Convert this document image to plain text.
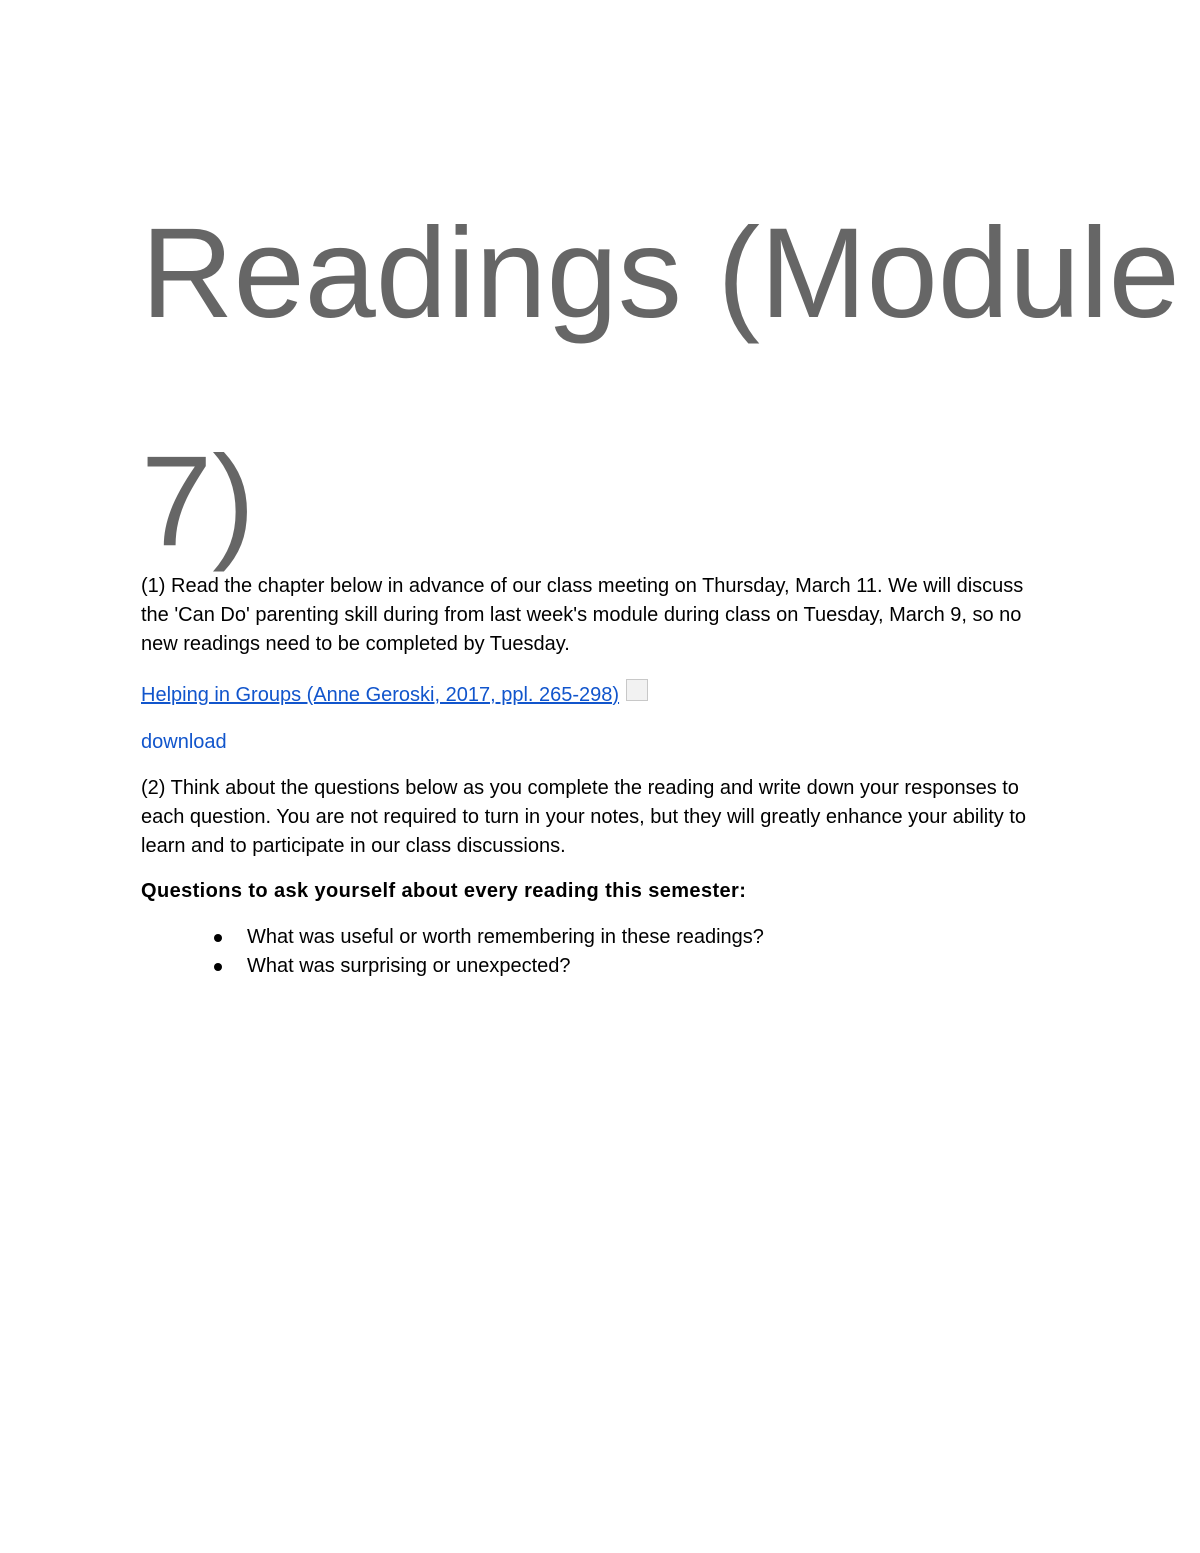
Readings (Module
7)

(1) Read the chapter below in advance of our class meeting on Thursday, March 11. We will discuss the 'Can Do' parenting skill during from last week's module during class on Tuesday, March 9, so no new readings need to be completed by Tuesday.

Helping in Groups (Anne Geroski, 2017, ppl. 265-298)
download

(2) Think about the questions below as you complete the reading and write down your responses to each question. You are not required to turn in your notes, but they will greatly enhance your ability to learn and to participate in our class discussions.

Questions to ask yourself about every reading this semester:

What was useful or worth remembering in these readings?
What was surprising or unexpected?
